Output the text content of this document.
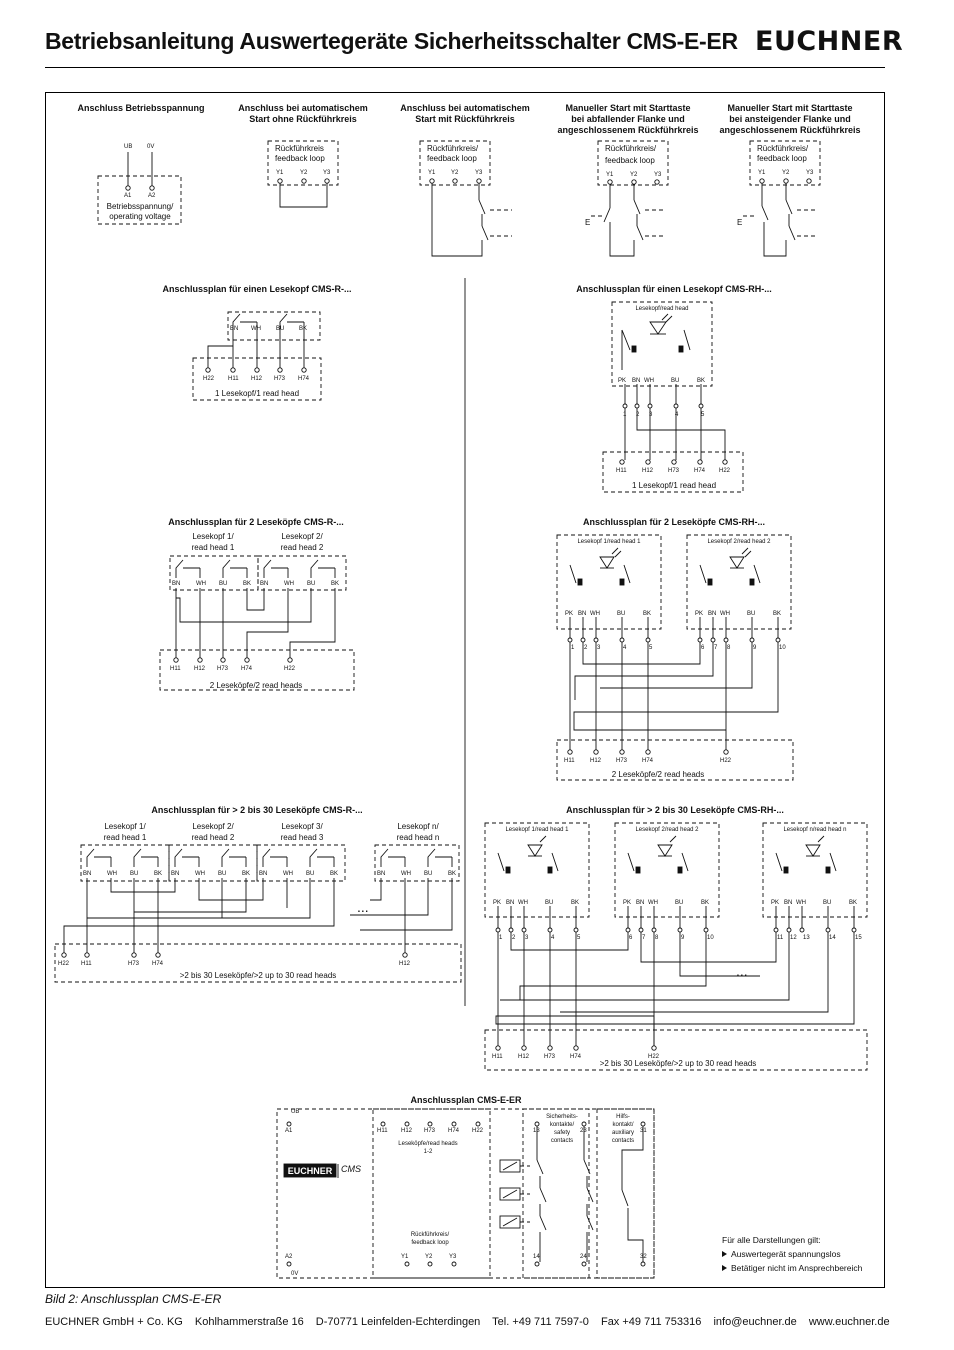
Betriebsanleitung Auswertegeräte Sicherheitsschalter CMS-E-ER EUCHNER
Anschluss Betriebsspannung	Anschluss bei automatischem
Start ohne Rückführkreis
Anschluss bei automatischem
Start mit Rückführkreis
Manueller Start mit Starttaste
bei abfallender Flanke und
angeschlossenem Rückführkreis
Manueller Start mit Starttaste
bei ansteigender Flanke und
angeschlossenem Rückführkreis
UB 0V
A1	A2
Betriebsspannung/
operating voltage
Rückführkreis
feedback loop
Y1	Y2	Y3
Rückführkreis/
feedback loop
Y1	Y2	Y3
Rückführkreis/
feedback loop
Y1	Y2	Y3
E
Rückführkreis/
feedback loop
Y1	Y2	Y3
E
Anschlussplan für einen Lesekopf CMS-R-...	Anschlussplan für einen Lesekopf CMS-RH-...
Anschlussplan für 2 Leseköpfe CMS-R-...	Anschlussplan für 2 Leseköpfe CMS-RH-...
Anschlussplan für > 2 bis 30 Leseköpfe CMS-R-...	Anschlussplan für > 2 bis 30 Leseköpfe CMS-RH-...
Anschlussplan CMS-E-ER
BN WH	BU BK
H22 H11 H12 H73 H74
1 Lesekopf/1 read head
Lesekopf/read head
PK BN WH	BU	BK
1 2 3	4	5
H11	H12 H73 H74 H22
1 Lesekopf/1 read head
Lesekopf 1/
read head 1
Lesekopf 2/
read head 2
BN	WH BU	BK BN	WH BU	BK
H11 H12 H73 H74	H22
2 Leseköpfe/2 read heads
Lesekopf 1/read head 1	Lesekopf 2/read head 2
PK BN WH	BU	BK	PK BN WH	BU	BK
1 2 3	4	5	6 7 8	9	10
H11	H12 H73 H74	H22
2 Leseköpfe/2 read heads
Lesekopf 1/
read head 1
Lesekopf 2/
read head 2
Lesekopf 3/
read head 3
Lesekopf n/
read head n
BN	WH BU	BK BN	WH BU	BK BN	WH BU	BK	BN	WH BU	BK
...
H22 H11	H73 H74	H12
>2 bis 30 Leseköpfe/>2 up to 30 read heads
Lesekopf 1/read head 1	Lesekopf 2/read head 2	Lesekopf n/read head n
PK BN WH	BU	BK	PK BN WH	BU	BK	PK BN WH	BU	BK
1 2 3	4	5	6 7 8	9	10	11 12 13	14	15
...
H11	H12 H73 H74	H22
>2 bis 30 Leseköpfe/>2 up to 30 read heads
UB
A1	H11 H12 H73 H74 H22
Leseköpfe/read heads
1-2
Sicherheits-
kontakte/
safety
contacts
13	23
Hilfs-
kontakt/
auxiliary
contacts
31
EUCHNER CMS
Rückführkreis/
feedback loop
A2	Y1	Y2	Y3	14	24	32
0V
Für alle Darstellungen gilt:
Auswertegerät spannungslos
Betätiger nicht im Ansprechbereich
Bild 2: Anschlussplan CMS-E-ER
EUCHNER GmbH + Co. KG Kohlhammerstraße 16 D-70771 Leinfelden-Echterdingen Tel. +49 711 7597-0 Fax +49 711 753316 info@euchner.de www.euchner.de
